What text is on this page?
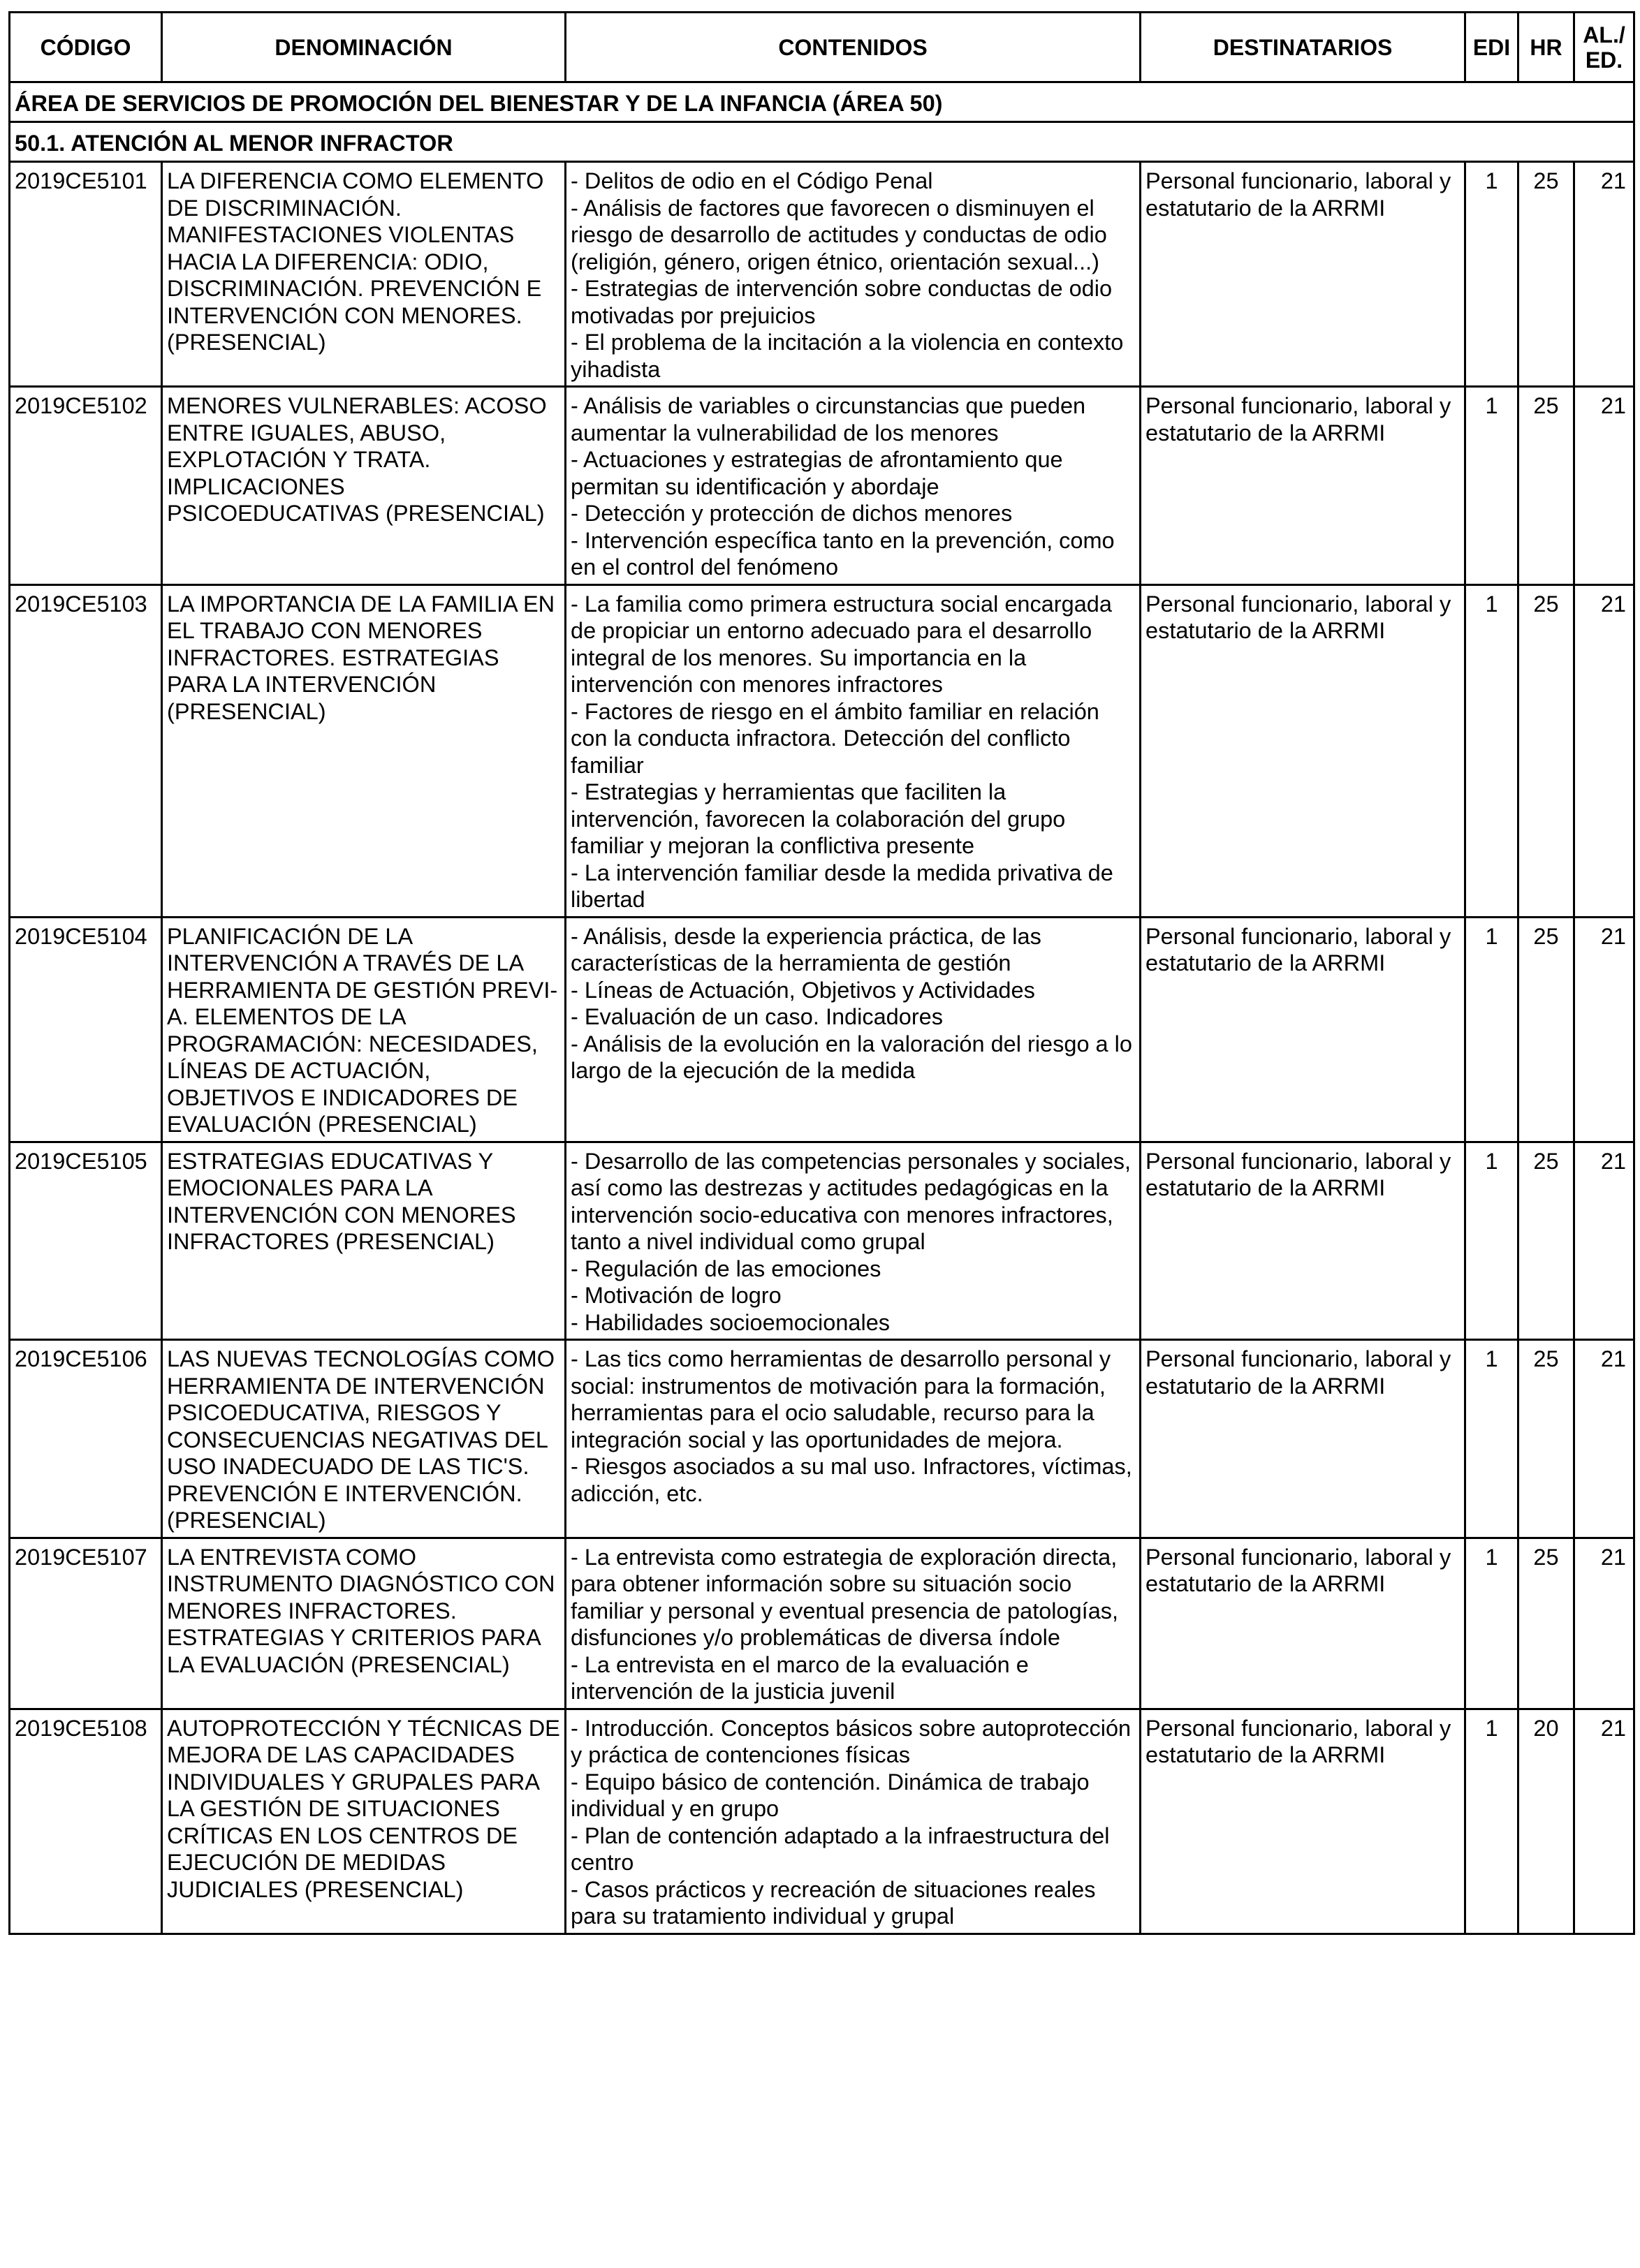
CÓDIGO	DENOMINACIÓN	CONTENIDOS	DESTINATARIOS	EDI	HR	AL./ ED.
ÁREA DE SERVICIOS DE PROMOCIÓN DEL BIENESTAR Y DE LA INFANCIA (ÁREA 50)						
50.1. ATENCIÓN AL MENOR INFRACTOR						
2019CE5101	LA DIFERENCIA COMO ELEMENTO DE DISCRIMINACIÓN. MANIFESTACIONES VIOLENTAS HACIA LA DIFERENCIA: ODIO, DISCRIMINACIÓN. PREVENCIÓN E INTERVENCIÓN CON MENORES. (PRESENCIAL)	- Delitos de odio en el Código Penal
- Análisis de factores que favorecen o disminuyen el riesgo de desarrollo de actitudes y conductas de odio (religión, género, origen étnico, orientación sexual...)
- Estrategias de intervención sobre conductas de odio motivadas por prejuicios
- El problema de la incitación a la violencia en contexto yihadista	Personal funcionario, laboral y estatutario de la ARRMI	1	25	21
2019CE5102	MENORES VULNERABLES: ACOSO ENTRE IGUALES, ABUSO, EXPLOTACIÓN Y TRATA. IMPLICACIONES PSICOEDUCATIVAS (PRESENCIAL)	- Análisis de variables o circunstancias que pueden aumentar la vulnerabilidad de los menores
- Actuaciones y estrategias de afrontamiento que permitan su identificación y abordaje
- Detección y protección de dichos menores
- Intervención específica tanto en la prevención, como en el control del fenómeno	Personal funcionario, laboral y estatutario de la ARRMI	1	25	21
2019CE5103	LA IMPORTANCIA DE LA FAMILIA EN EL TRABAJO CON MENORES INFRACTORES. ESTRATEGIAS PARA LA INTERVENCIÓN (PRESENCIAL)	- La familia como primera estructura social encargada de propiciar un entorno adecuado para el desarrollo integral de los menores. Su importancia en la intervención con menores infractores
- Factores de riesgo en el ámbito familiar en relación con la conducta infractora. Detección del conflicto familiar
- Estrategias y herramientas que faciliten la intervención, favorecen la colaboración del grupo familiar y mejoran la conflictiva presente
- La intervención familiar desde la medida privativa de libertad	Personal funcionario, laboral y estatutario de la ARRMI	1	25	21
2019CE5104	PLANIFICACIÓN DE LA INTERVENCIÓN A TRAVÉS DE LA HERRAMIENTA DE GESTIÓN PREVI-A. ELEMENTOS DE LA PROGRAMACIÓN: NECESIDADES, LÍNEAS DE ACTUACIÓN, OBJETIVOS E INDICADORES DE EVALUACIÓN (PRESENCIAL)	- Análisis, desde la experiencia práctica, de las características de la herramienta de gestión
- Líneas de Actuación, Objetivos y Actividades
- Evaluación de un caso. Indicadores
- Análisis de la evolución en la valoración del riesgo a lo largo de la ejecución de la medida	Personal funcionario, laboral y estatutario de la ARRMI	1	25	21
2019CE5105	ESTRATEGIAS EDUCATIVAS Y EMOCIONALES PARA LA INTERVENCIÓN CON MENORES INFRACTORES (PRESENCIAL)	- Desarrollo de las competencias personales y sociales, así como las destrezas y actitudes pedagógicas en la intervención socio-educativa con menores infractores, tanto a nivel individual como grupal
- Regulación de las emociones
- Motivación de logro
- Habilidades socioemocionales	Personal funcionario, laboral y estatutario de la ARRMI	1	25	21
2019CE5106	LAS NUEVAS TECNOLOGÍAS COMO HERRAMIENTA DE INTERVENCIÓN PSICOEDUCATIVA, RIESGOS Y CONSECUENCIAS NEGATIVAS DEL USO INADECUADO DE LAS TIC'S. PREVENCIÓN E INTERVENCIÓN. (PRESENCIAL)	- Las tics como herramientas de desarrollo personal y social: instrumentos de motivación para la formación, herramientas para el ocio saludable, recurso para la integración social y las oportunidades de mejora.
- Riesgos asociados a su mal uso. Infractores, víctimas, adicción, etc.	Personal funcionario, laboral y estatutario de la ARRMI	1	25	21
2019CE5107	LA ENTREVISTA COMO INSTRUMENTO DIAGNÓSTICO CON MENORES INFRACTORES. ESTRATEGIAS Y CRITERIOS PARA LA EVALUACIÓN (PRESENCIAL)	- La entrevista como estrategia de exploración directa, para obtener información sobre su situación socio familiar y personal y eventual presencia de patologías, disfunciones y/o problemáticas de diversa índole
- La entrevista en el marco de la evaluación e intervención de la justicia juvenil	Personal funcionario, laboral y estatutario de la ARRMI	1	25	21
2019CE5108	AUTOPROTECCIÓN Y TÉCNICAS DE MEJORA DE LAS CAPACIDADES INDIVIDUALES Y GRUPALES PARA LA GESTIÓN DE SITUACIONES CRÍTICAS EN LOS CENTROS DE EJECUCIÓN DE MEDIDAS JUDICIALES (PRESENCIAL)	- Introducción. Conceptos básicos sobre autoprotección y práctica de contenciones físicas
- Equipo básico de contención. Dinámica de trabajo individual y en grupo
- Plan de contención adaptado a la infraestructura del centro
- Casos prácticos y recreación de situaciones reales para su tratamiento individual y grupal	Personal funcionario, laboral y estatutario de la ARRMI	1	20	21
